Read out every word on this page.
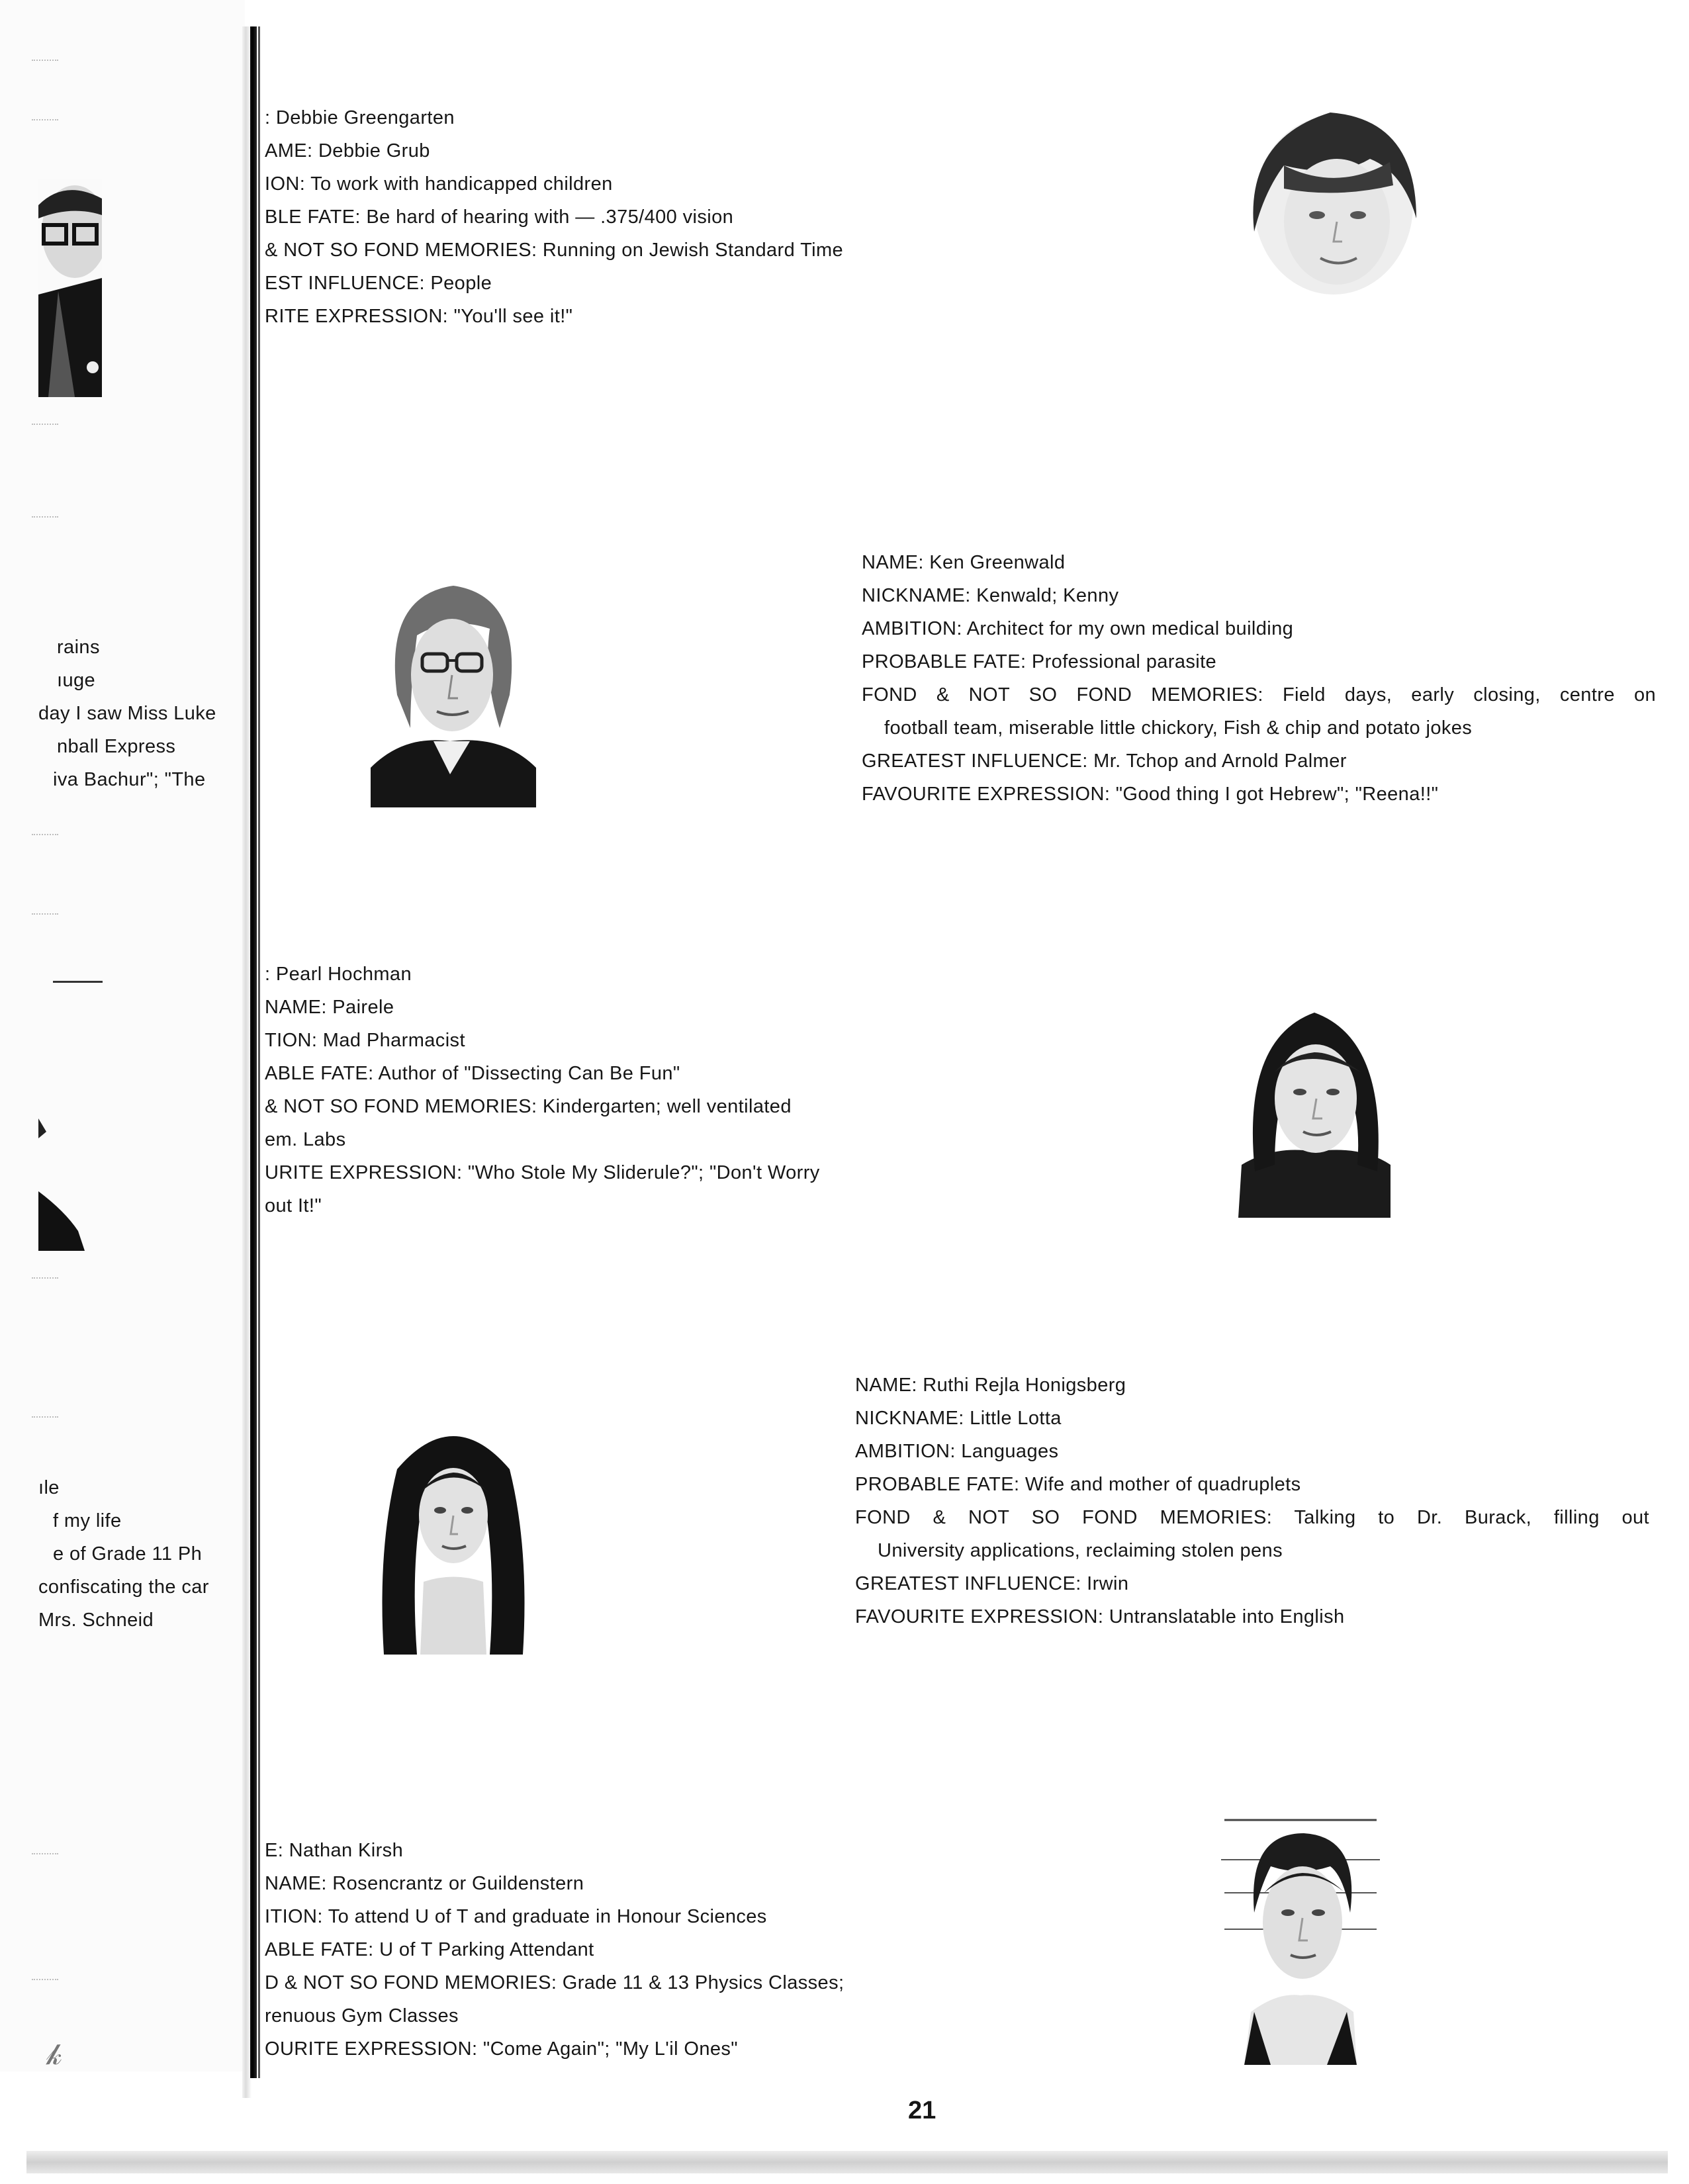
𝓀
rains
ıuge
day I saw Miss Luke
nball Express
iva Bachur"; "The
ıle
f my life
e of Grade 11 Ph
confiscating the car
Mrs. Schneid
: Debbie Greengarten
AME: Debbie Grub
ION: To work with handicapped children
BLE FATE: Be hard of hearing with — .375/400 vision
& NOT SO FOND MEMORIES: Running on Jewish Standard Time
EST INFLUENCE: People
RITE EXPRESSION: "You'll see it!"
NAME: Ken Greenwald
NICKNAME: Kenwald; Kenny
AMBITION: Architect for my own medical building
PROBABLE FATE: Professional parasite
FOND & NOT SO FOND MEMORIES: Field days, early closing, centre on
football team, miserable little chickory, Fish & chip and potato jokes
GREATEST INFLUENCE: Mr. Tchop and Arnold Palmer
FAVOURITE EXPRESSION: "Good thing I got Hebrew"; "Reena!!"
: Pearl Hochman
NAME: Pairele
TION: Mad Pharmacist
ABLE FATE: Author of "Dissecting Can Be Fun"
& NOT SO FOND MEMORIES: Kindergarten; well ventilated
em. Labs
URITE EXPRESSION: "Who Stole My Sliderule?"; "Don't Worry
out It!"
NAME: Ruthi Rejla Honigsberg
NICKNAME: Little Lotta
AMBITION: Languages
PROBABLE FATE: Wife and mother of quadruplets
FOND & NOT SO FOND MEMORIES: Talking to Dr. Burack, filling out
University applications, reclaiming stolen pens
GREATEST INFLUENCE: Irwin
FAVOURITE EXPRESSION: Untranslatable into English
E: Nathan Kirsh
NAME: Rosencrantz or Guildenstern
ITION: To attend U of T and graduate in Honour Sciences
ABLE FATE: U of T Parking Attendant
D & NOT SO FOND MEMORIES: Grade 11 & 13 Physics Classes;
renuous Gym Classes
OURITE EXPRESSION: "Come Again"; "My L'il Ones"
21
